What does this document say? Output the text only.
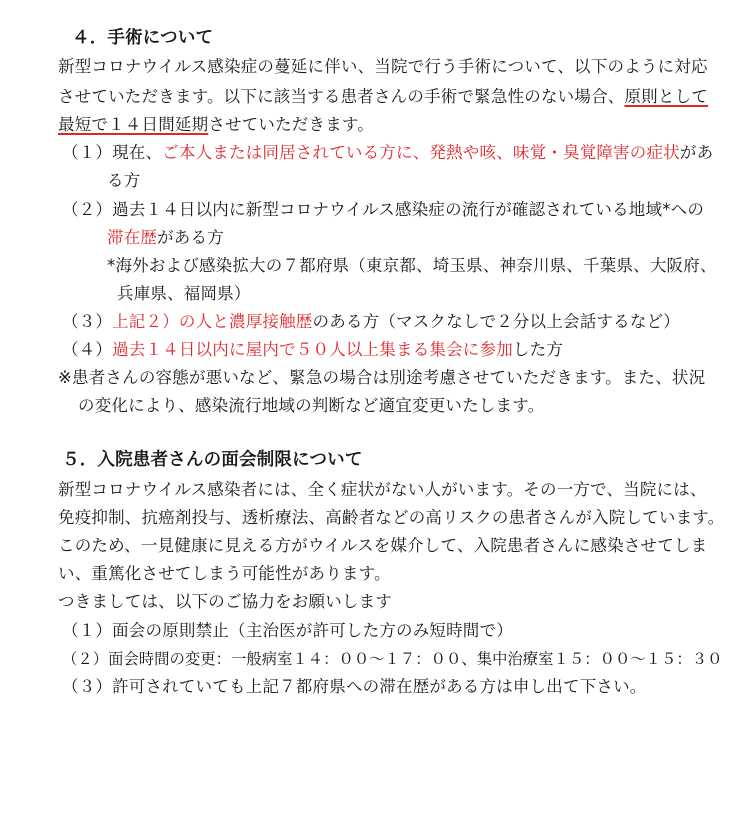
４．手術について
新型コロナウイルス感染症の蔓延に伴い、当院で行う手術について、以下のように対応
させていただきます。以下に該当する患者さんの手術で緊急性のない場合、原則として
最短で１４日間延期させていただきます。
（１）現在、ご本人または同居されている方に、発熱や咳、味覚・臭覚障害の症状があ
る方
（２）過去１４日以内に新型コロナウイルス感染症の流行が確認されている地域*への
滞在歴がある方
*海外および感染拡大の７都府県（東京都、埼玉県、神奈川県、千葉県、大阪府、
兵庫県、福岡県）
（３）上記２）の人と濃厚接触歴のある方（マスクなしで２分以上会話するなど）
（４）過去１４日以内に屋内で５０人以上集まる集会に参加した方
※患者さんの容態が悪いなど、緊急の場合は別途考慮させていただきます。また、状況
の変化により、感染流行地域の判断など適宜変更いたします。
５．入院患者さんの面会制限について
新型コロナウイルス感染者には、全く症状がない人がいます。その一方で、当院には、
免疫抑制、抗癌剤投与、透析療法、高齢者などの高リスクの患者さんが入院しています。
このため、一見健康に見える方がウイルスを媒介して、入院患者さんに感染させてしま
い、重篤化させてしまう可能性があります。
つきましては、以下のご協力をお願いします
（１）面会の原則禁止（主治医が許可した方のみ短時間で）
（２）面会時間の変更：一般病室１４：００〜１７：００、集中治療室１５：００〜１５：３０
（３）許可されていても上記７都府県への滞在歴がある方は申し出て下さい。
